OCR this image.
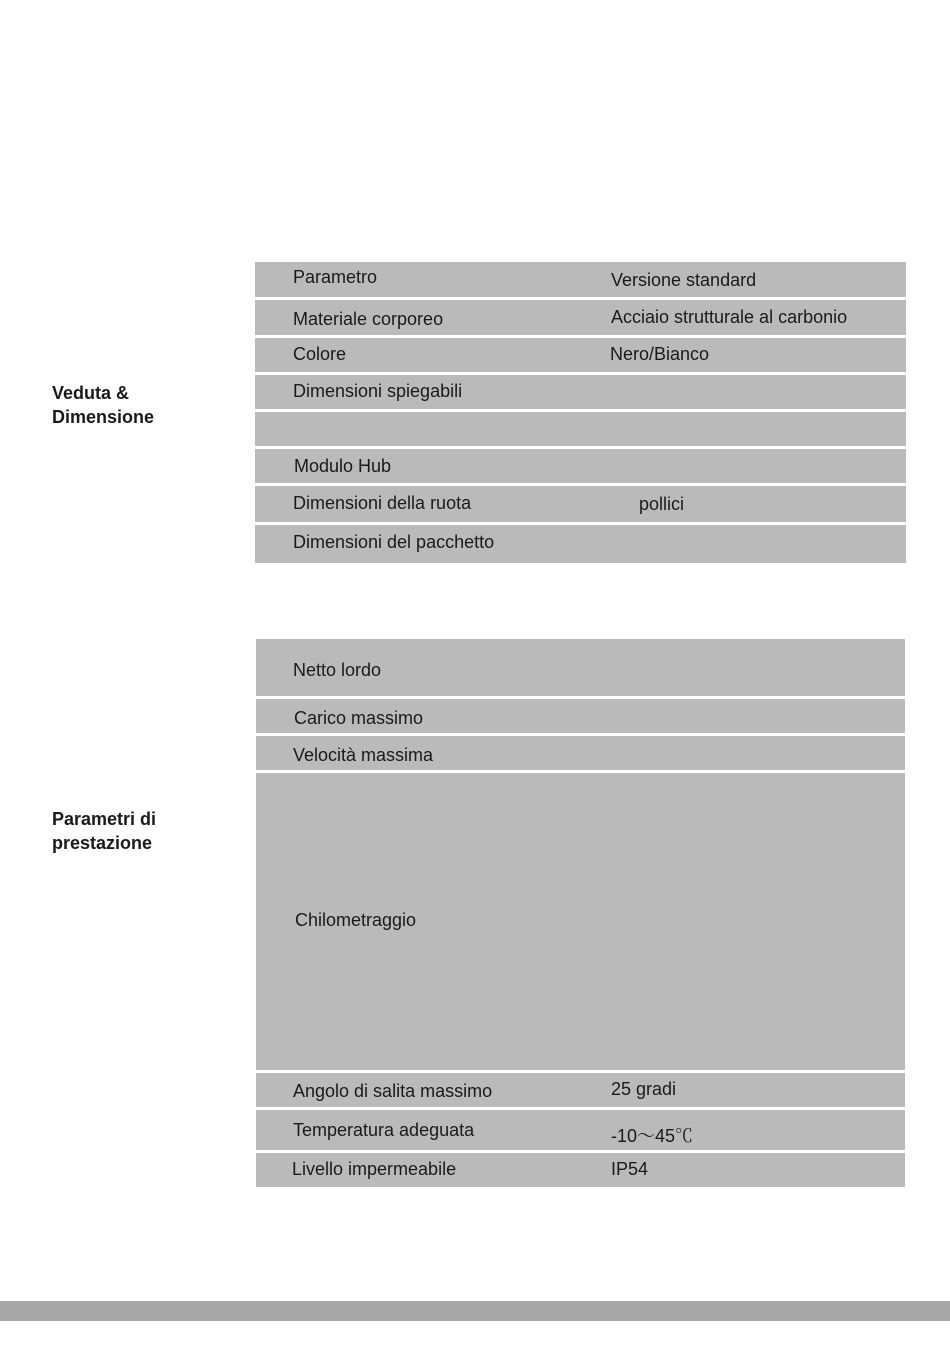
Veduta &
Dimensione
Parametro	Versione standard
Materiale corporeo	Acciaio strutturale al carbonio
Colore	Nero/Bianco
Dimensioni spiegabili
Modulo Hub
Dimensioni della ruota	pollici
Dimensioni del pacchetto
Parametri di
prestazione
Netto lordo
Carico massimo
Velocità massima
Chilometraggio
Angolo di salita massimo	25 gradi
Temperatura adeguata	-10～45℃
Livello impermeabile	IP54
